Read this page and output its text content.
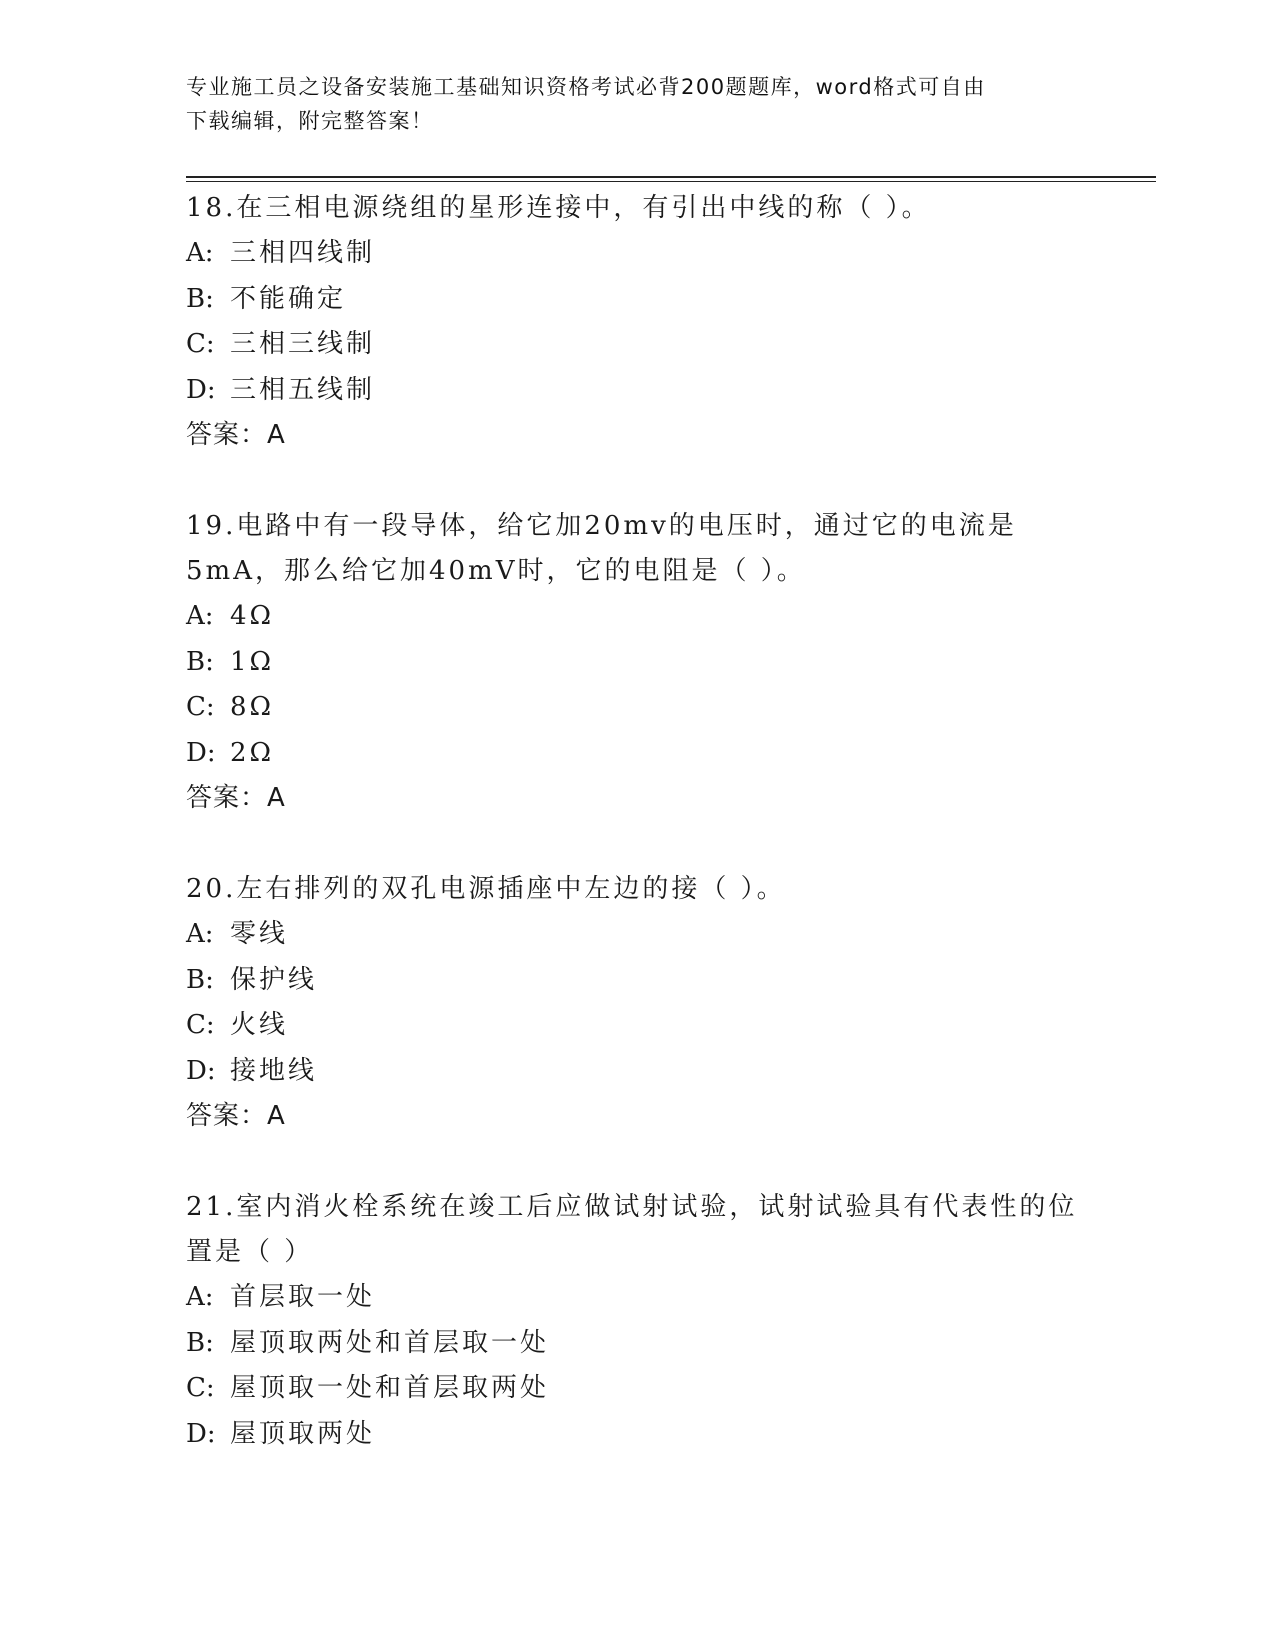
专业施工员之设备安装施工基础知识资格考试必背200题题库，word格式可自由
下载编辑，附完整答案！

18.在三相电源绕组的星形连接中，有引出中线的称（ ）。

A: 三相四线制
B: 不能确定
C: 三相三线制
D: 三相五线制

答案：A

19.电路中有一段导体，给它加20mv的电压时，通过它的电流是5mA，那么给它加40mV时，它的电阻是（ ）。

A: 4Ω
B: 1Ω
C: 8Ω
D: 2Ω

答案：A

20.左右排列的双孔电源插座中左边的接（ ）。

A: 零线
B: 保护线
C: 火线
D: 接地线

答案：A

21.室内消火栓系统在竣工后应做试射试验，试射试验具有代表性的位置是（ ）

A: 首层取一处
B: 屋顶取两处和首层取一处
C: 屋顶取一处和首层取两处
D: 屋顶取两处
